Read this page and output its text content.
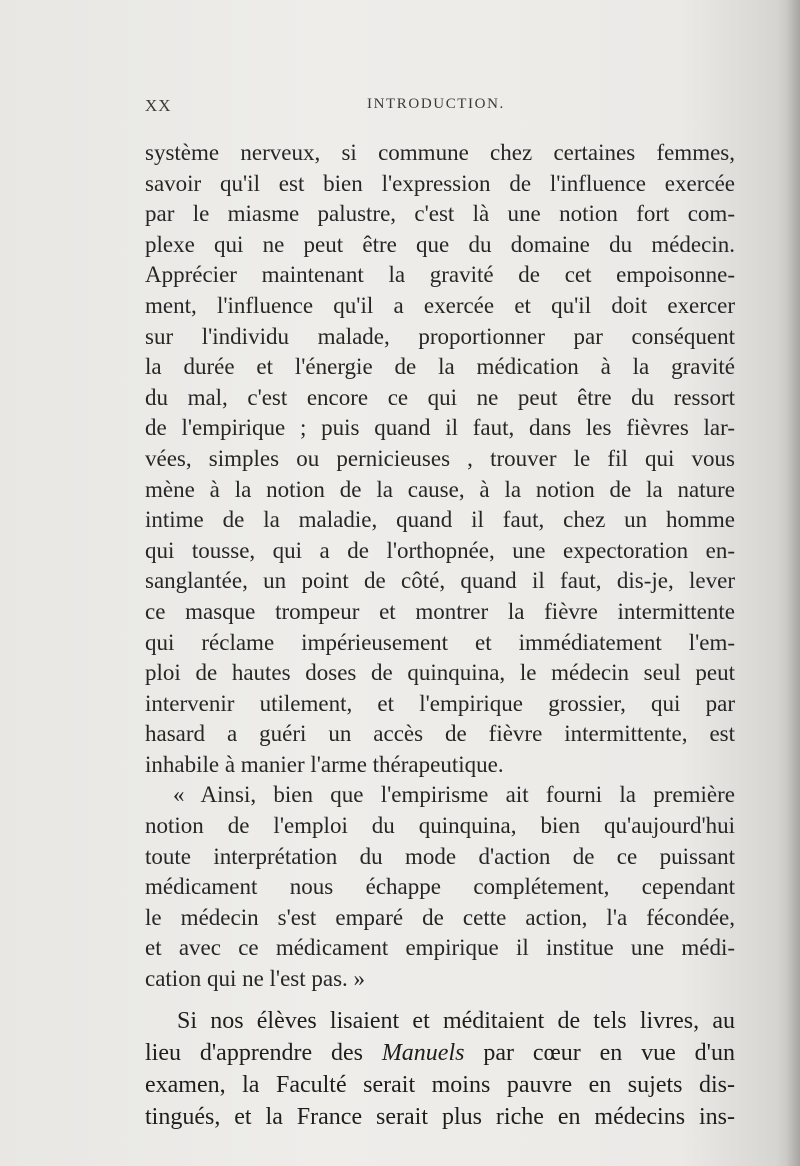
XX	INTRODUCTION.

système nerveux, si commune chez certaines femmes,
savoir qu'il est bien l'expression de l'influence exercée
par le miasme palustre, c'est là une notion fort com-
plexe qui ne peut être que du domaine du médecin.
Apprécier maintenant la gravité de cet empoisonne-
ment, l'influence qu'il a exercée et qu'il doit exercer
sur l'individu malade, proportionner par conséquent
la durée et l'énergie de la médication à la gravité
du mal, c'est encore ce qui ne peut être du ressort
de l'empirique ; puis quand il faut, dans les fièvres lar-
vées, simples ou pernicieuses , trouver le fil qui vous
mène à la notion de la cause, à la notion de la nature
intime de la maladie, quand il faut, chez un homme
qui tousse, qui a de l'orthopnée, une expectoration en-
sanglantée, un point de côté, quand il faut, dis-je, lever
ce masque trompeur et montrer la fièvre intermittente
qui réclame impérieusement et immédiatement l'em-
ploi de hautes doses de quinquina, le médecin seul peut
intervenir utilement, et l'empirique grossier, qui par
hasard a guéri un accès de fièvre intermittente, est
inhabile à manier l'arme thérapeutique.

« Ainsi, bien que l'empirisme ait fourni la première
notion de l'emploi du quinquina, bien qu'aujourd'hui
toute interprétation du mode d'action de ce puissant
médicament nous échappe complétement, cependant
le médecin s'est emparé de cette action, l'a fécondée,
et avec ce médicament empirique il institue une médi-
cation qui ne l'est pas. »

Si nos élèves lisaient et méditaient de tels livres, au
lieu d'apprendre des Manuels par cœur en vue d'un
examen, la Faculté serait moins pauvre en sujets dis-
tingués, et la France serait plus riche en médecins ins-
